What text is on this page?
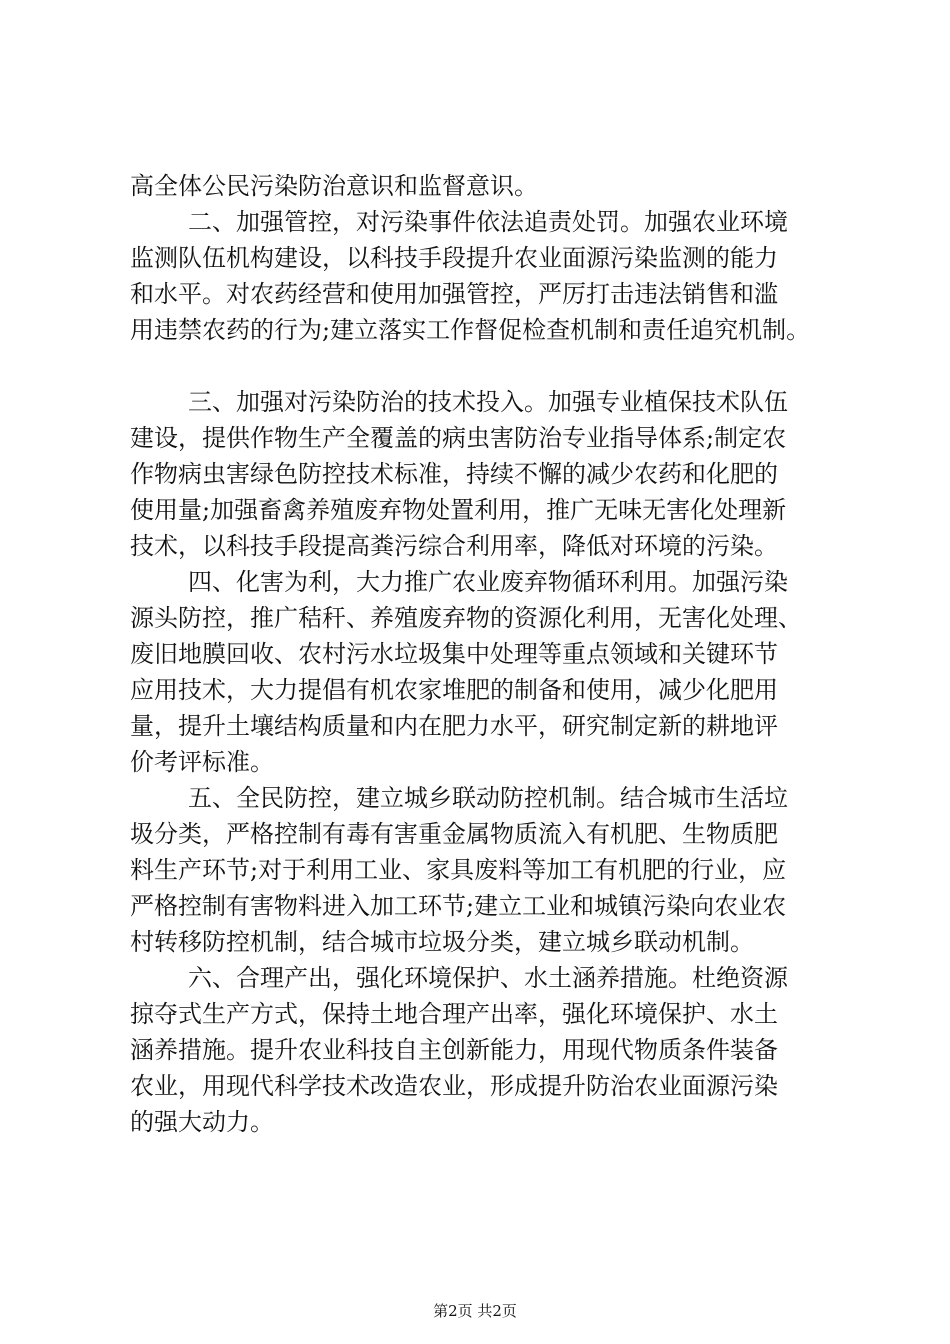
高全体公民污染防治意识和监督意识。
二、加强管控，对污染事件依法追责处罚。加强农业环境
监测队伍机构建设，以科技手段提升农业面源污染监测的能力
和水平。对农药经营和使用加强管控，严厉打击违法销售和滥
用违禁农药的行为;建立落实工作督促检查机制和责任追究机制。
三、加强对污染防治的技术投入。加强专业植保技术队伍
建设，提供作物生产全覆盖的病虫害防治专业指导体系;制定农
作物病虫害绿色防控技术标准，持续不懈的减少农药和化肥的
使用量;加强畜禽养殖废弃物处置利用，推广无味无害化处理新
技术，以科技手段提高粪污综合利用率，降低对环境的污染。
四、化害为利，大力推广农业废弃物循环利用。加强污染
源头防控，推广秸秆、养殖废弃物的资源化利用，无害化处理、
废旧地膜回收、农村污水垃圾集中处理等重点领域和关键环节
应用技术，大力提倡有机农家堆肥的制备和使用，减少化肥用
量，提升土壤结构质量和内在肥力水平，研究制定新的耕地评
价考评标准。
五、全民防控，建立城乡联动防控机制。结合城市生活垃
圾分类，严格控制有毒有害重金属物质流入有机肥、生物质肥
料生产环节;对于利用工业、家具废料等加工有机肥的行业，应
严格控制有害物料进入加工环节;建立工业和城镇污染向农业农
村转移防控机制，结合城市垃圾分类，建立城乡联动机制。
六、合理产出，强化环境保护、水土涵养措施。杜绝资源
掠夺式生产方式，保持土地合理产出率，强化环境保护、水土
涵养措施。提升农业科技自主创新能力，用现代物质条件装备
农业，用现代科学技术改造农业，形成提升防治农业面源污染
的强大动力。
第2页 共2页
